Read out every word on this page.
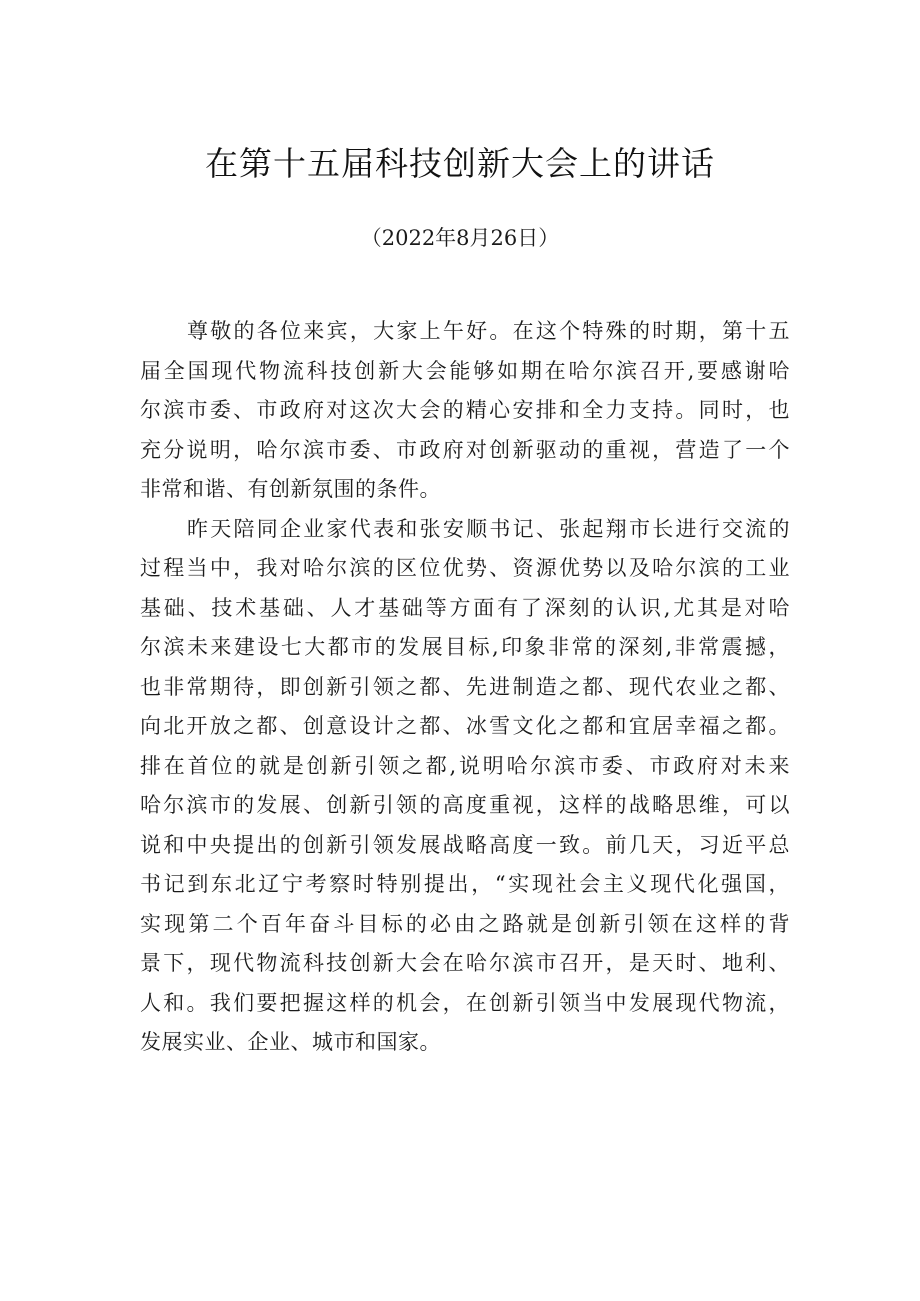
在第十五届科技创新大会上的讲话
（2022年8月26日）
尊敬的各位来宾，大家上午好。在这个特殊的时期，第十五
届全国现代物流科技创新大会能够如期在哈尔滨召开,要感谢哈
尔滨市委、市政府对这次大会的精心安排和全力支持。同时，也
充分说明，哈尔滨市委、市政府对创新驱动的重视，营造了一个
非常和谐、有创新氛围的条件。
昨天陪同企业家代表和张安顺书记、张起翔市长进行交流的
过程当中，我对哈尔滨的区位优势、资源优势以及哈尔滨的工业
基础、技术基础、人才基础等方面有了深刻的认识,尤其是对哈
尔滨未来建设七大都市的发展目标,印象非常的深刻,非常震撼，
也非常期待，即创新引领之都、先进制造之都、现代农业之都、
向北开放之都、创意设计之都、冰雪文化之都和宜居幸福之都。
排在首位的就是创新引领之都,说明哈尔滨市委、市政府对未来
哈尔滨市的发展、创新引领的高度重视，这样的战略思维，可以
说和中央提出的创新引领发展战略高度一致。前几天，习近平总
书记到东北辽宁考察时特别提出，“实现社会主义现代化强国，
实现第二个百年奋斗目标的必由之路就是创新引领在这样的背
景下，现代物流科技创新大会在哈尔滨市召开，是天时、地利、
人和。我们要把握这样的机会，在创新引领当中发展现代物流，
发展实业、企业、城市和国家。
